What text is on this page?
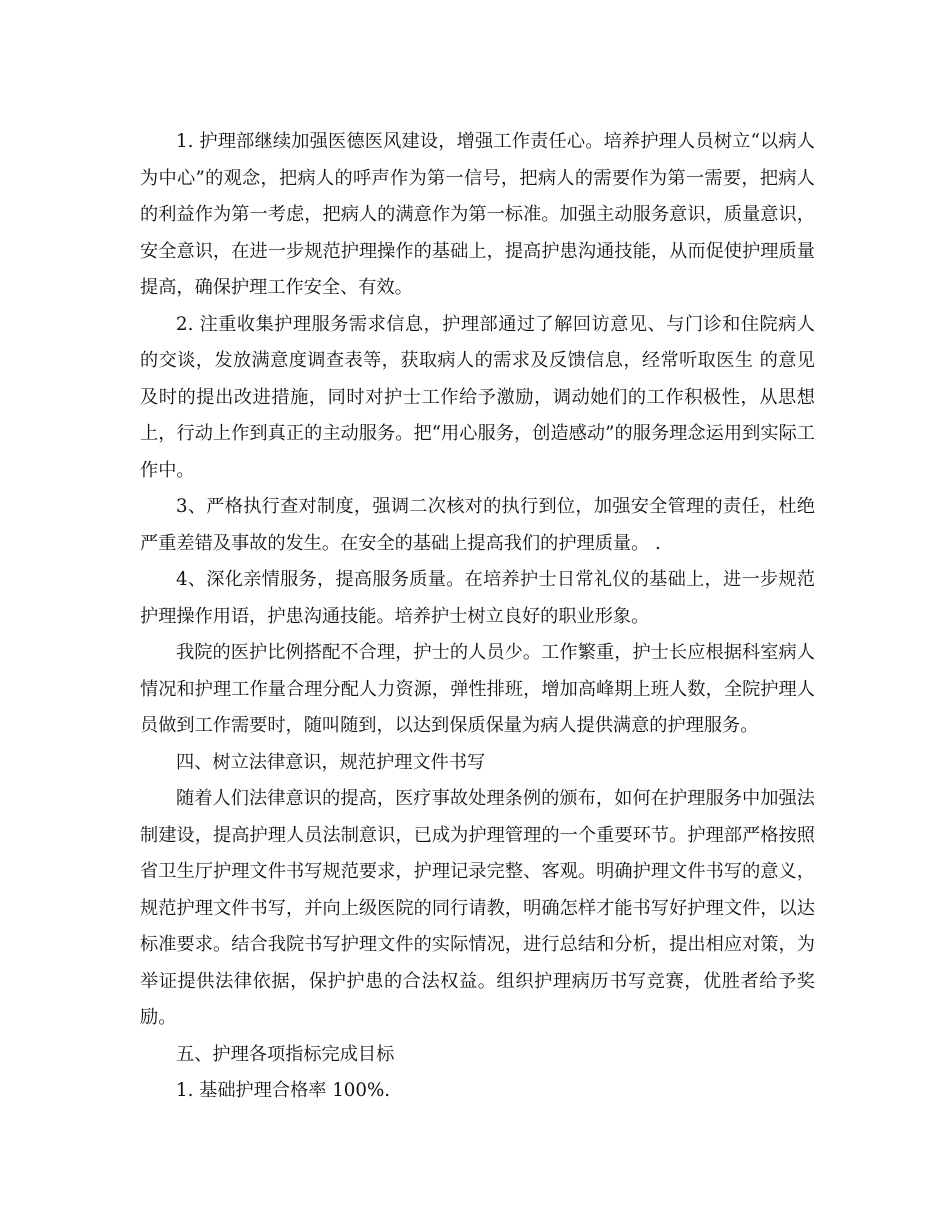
1. 护理部继续加强医德医风建设，增强工作责任心。培养护理人员树立“以病人为中心”的观念，把病人的呼声作为第一信号，把病人的需要作为第一需要，把病人的利益作为第一考虑，把病人的满意作为第一标准。加强主动服务意识，质量意识，安全意识，在进一步规范护理操作的基础上，提高护患沟通技能，从而促使护理质量提高，确保护理工作安全、有效。

2. 注重收集护理服务需求信息，护理部通过了解回访意见、与门诊和住院病人的交谈，发放满意度调查表等，获取病人的需求及反馈信息，经常听取医生 的意见及时的提出改进措施，同时对护士工作给予激励，调动她们的工作积极性，从思想上，行动上作到真正的主动服务。把“用心服务，创造感动”的服务理念运用到实际工作中。

3、严格执行查对制度，强调二次核对的执行到位，加强安全管理的责任，杜绝严重差错及事故的发生。在安全的基础上提高我们的护理质量。 .

4、深化亲情服务，提高服务质量。在培养护士日常礼仪的基础上，进一步规范护理操作用语，护患沟通技能。培养护士树立良好的职业形象。

我院的医护比例搭配不合理，护士的人员少。工作繁重，护士长应根据科室病人情况和护理工作量合理分配人力资源，弹性排班，增加高峰期上班人数，全院护理人员做到工作需要时，随叫随到，以达到保质保量为病人提供满意的护理服务。

四、树立法律意识，规范护理文件书写

随着人们法律意识的提高，医疗事故处理条例的颁布，如何在护理服务中加强法制建设，提高护理人员法制意识，已成为护理管理的一个重要环节。护理部严格按照省卫生厅护理文件书写规范要求，护理记录完整、客观。明确护理文件书写的意义，规范护理文件书写，并向上级医院的同行请教，明确怎样才能书写好护理文件，以达标准要求。结合我院书写护理文件的实际情况，进行总结和分析，提出相应对策，为举证提供法律依据，保护护患的合法权益。组织护理病历书写竞赛，优胜者给予奖励。

五、护理各项指标完成目标

1. 基础护理合格率 100%.
